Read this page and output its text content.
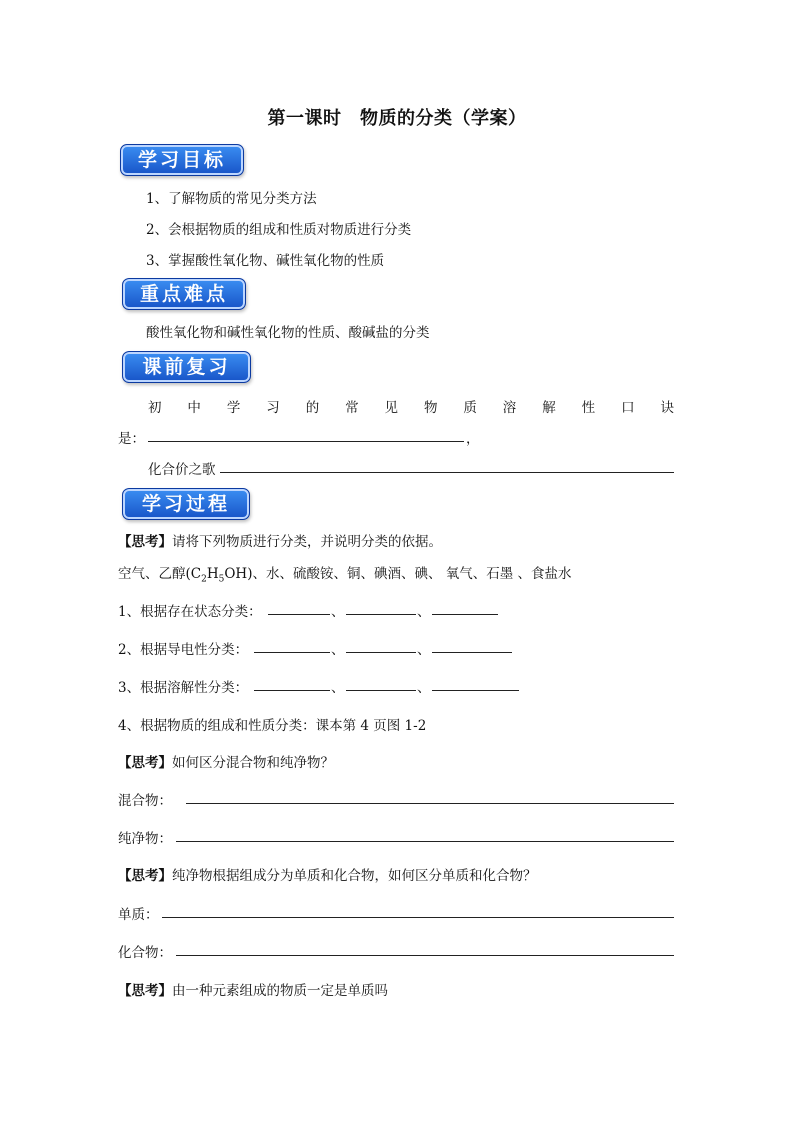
第一课时　物质的分类（学案）
学习目标
1、了解物质的常见分类方法
2、会根据物质的组成和性质对物质进行分类
3、掌握酸性氧化物、碱性氧化物的性质
重点难点
酸性氧化物和碱性氧化物的性质、酸碱盐的分类
课前复习
初 中 学 习 的 常 见 物 质 溶 解 性 口 诀
是：	，
化合价之歌
学习过程
【思考】请将下列物质进行分类，并说明分类的依据。
空气、乙醇$(C_2H_5OH)$、水、硫酸铵、铜、碘酒、碘、 氧气、石墨 、食盐水
1、根据存在状态分类：	、	、
2、根据导电性分类：	、	、
3、根据溶解性分类：	、	、
4、根据物质的组成和性质分类：课本第 4 页图 1-2
【思考】如何区分混合物和纯净物？
混合物：
纯净物：
【思考】纯净物根据组成分为单质和化合物，如何区分单质和化合物？
单质：
化合物：
【思考】由一种元素组成的物质一定是单质吗
